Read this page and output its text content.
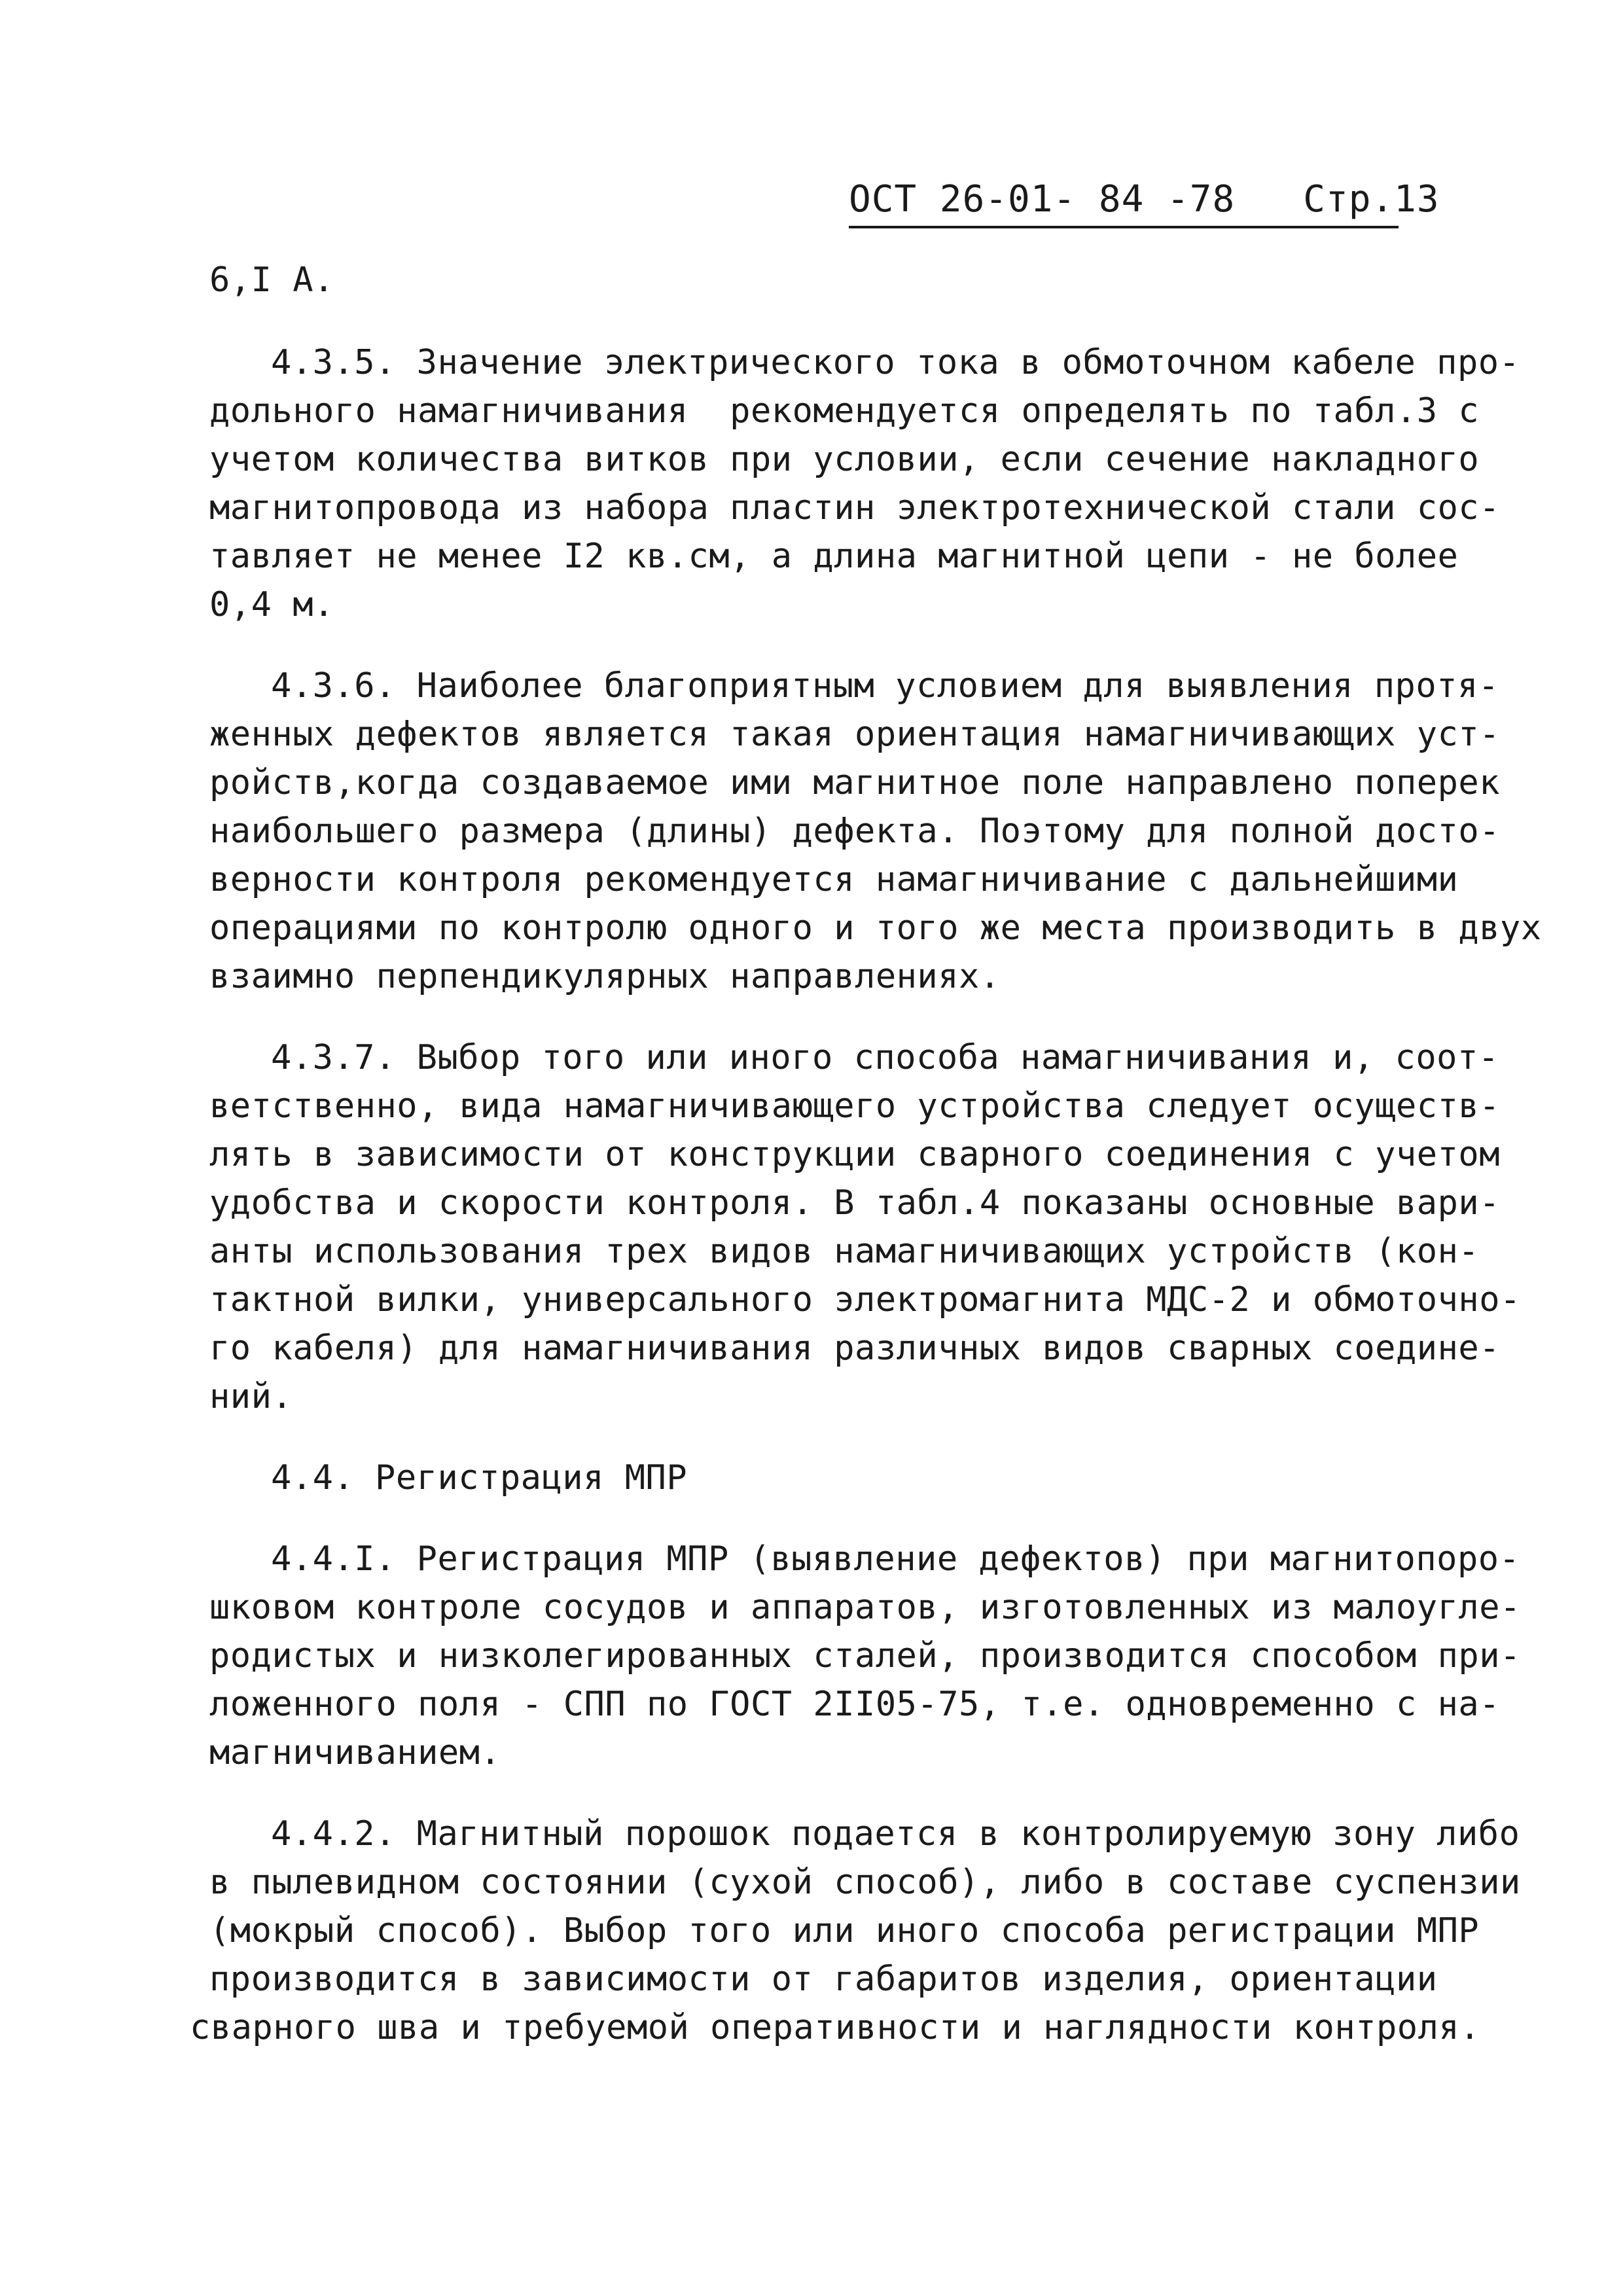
ОСТ 26-01- 84 -78   Стр.13
6,I А.
4.3.5. Значение электрического тока в обмоточном кабеле про-
дольного намагничивания  рекомендуется определять по табл.3 с
учетом количества витков при условии, если сечение накладного
магнитопровода из набора пластин электротехнической стали сос-
тавляет не менее I2 кв.см, а длина магнитной цепи - не более
0,4 м.
4.3.6. Наиболее благоприятным условием для выявления протя-
женных дефектов является такая ориентация намагничивающих уст-
ройств,когда создаваемое ими магнитное поле направлено поперек
наибольшего размера (длины) дефекта. Поэтому для полной досто-
верности контроля рекомендуется намагничивание с дальнейшими
операциями по контролю одного и того же места производить в двух
взаимно перпендикулярных направлениях.
4.3.7. Выбор того или иного способа намагничивания и, соот-
ветственно, вида намагничивающего устройства следует осуществ-
лять в зависимости от конструкции сварного соединения с учетом
удобства и скорости контроля. В табл.4 показаны основные вари-
анты использования трех видов намагничивающих устройств (кон-
тактной вилки, универсального электромагнита МДС-2 и обмоточно-
го кабеля) для намагничивания различных видов сварных соедине-
ний.
4.4. Регистрация МПР
4.4.I. Регистрация МПР (выявление дефектов) при магнитопоро-
шковом контроле сосудов и аппаратов, изготовленных из малоугле-
родистых и низколегированных сталей, производится способом при-
ложенного поля - СПП по ГОСТ 2II05-75, т.е. одновременно с на-
магничиванием.
4.4.2. Магнитный порошок подается в контролируемую зону либо
в пылевидном состоянии (сухой способ), либо в составе суспензии
(мокрый способ). Выбор того или иного способа регистрации МПР
производится в зависимости от габаритов изделия, ориентации
сварного шва и требуемой оперативности и наглядности контроля.
